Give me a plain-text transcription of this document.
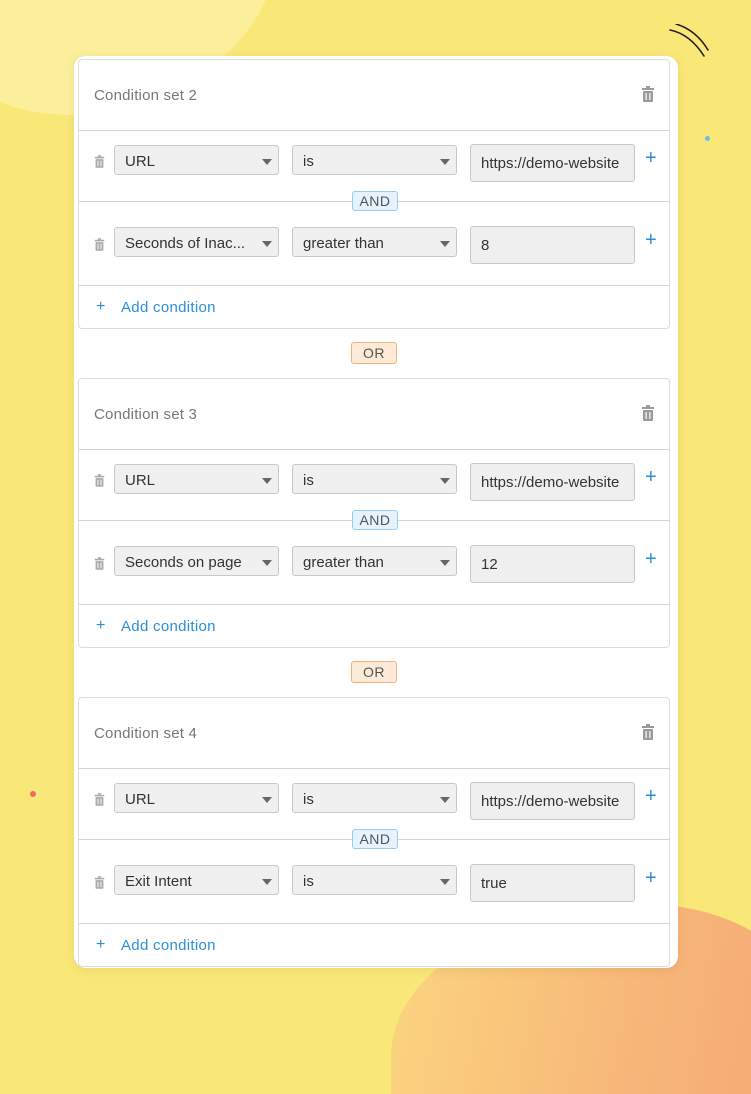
Condition set 2
URL	is	https://demo-website	+
AND
Seconds of Inac...	greater than	8	+
+ Add condition
OR
Condition set 3
URL	is	https://demo-website	+
AND
Seconds on page	greater than	12	+
+ Add condition
OR
Condition set 4
URL	is	https://demo-website	+
AND
Exit Intent	is	true	+
+ Add condition
